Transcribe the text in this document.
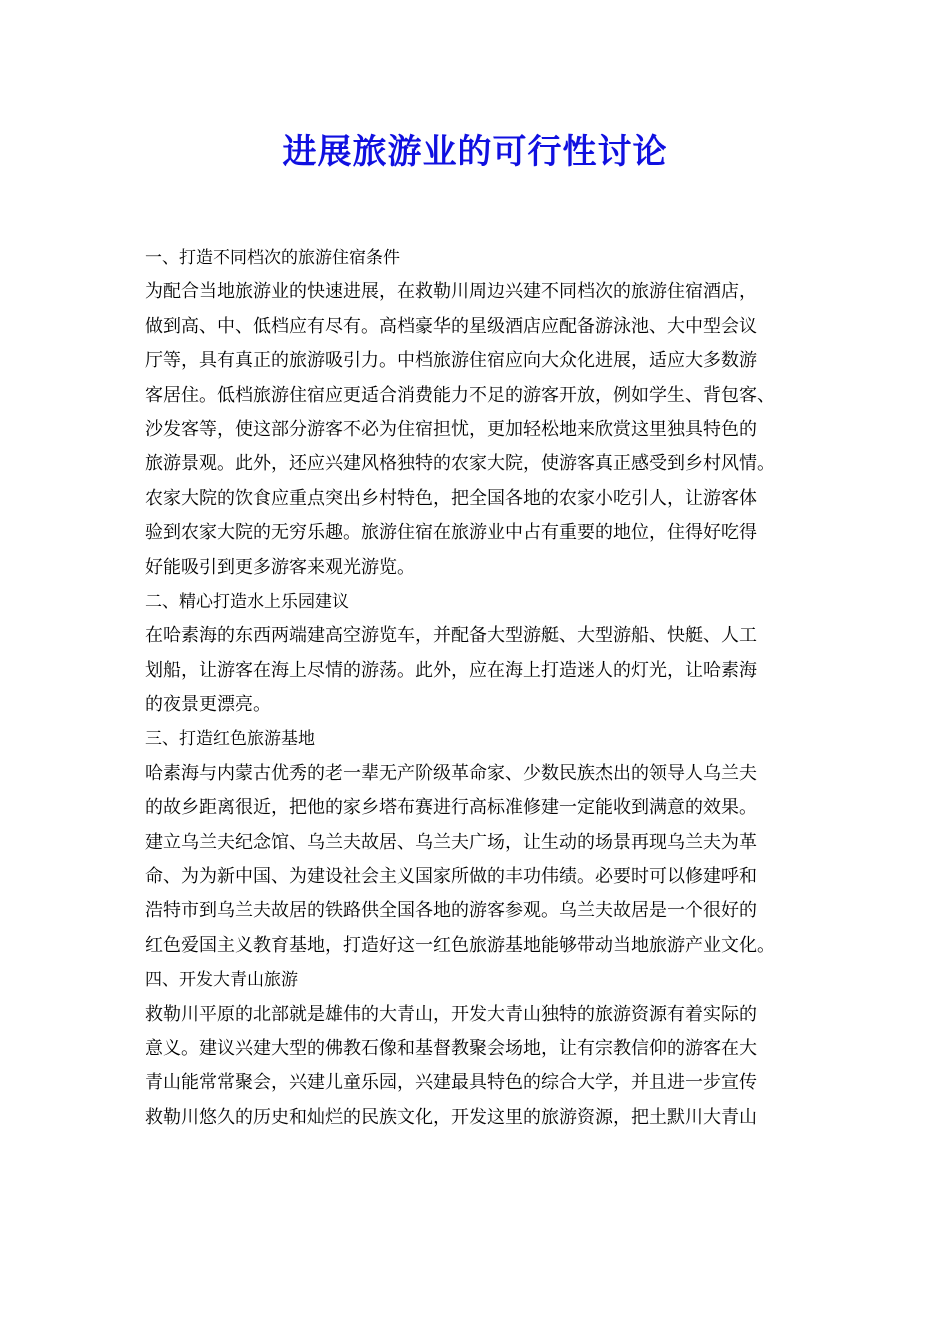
进展旅游业的可行性讨论
一、打造不同档次的旅游住宿条件
为配合当地旅游业的快速进展，在救勒川周边兴建不同档次的旅游住宿酒店，
做到高、中、低档应有尽有。高档豪华的星级酒店应配备游泳池、大中型会议
厅等，具有真正的旅游吸引力。中档旅游住宿应向大众化进展，适应大多数游
客居住。低档旅游住宿应更适合消费能力不足的游客开放，例如学生、背包客、
沙发客等，使这部分游客不必为住宿担忧，更加轻松地来欣赏这里独具特色的
旅游景观。此外，还应兴建风格独特的农家大院，使游客真正感受到乡村风情。
农家大院的饮食应重点突出乡村特色，把全国各地的农家小吃引人，让游客体
验到农家大院的无穷乐趣。旅游住宿在旅游业中占有重要的地位，住得好吃得
好能吸引到更多游客来观光游览。
二、精心打造水上乐园建议
在哈素海的东西两端建高空游览车，并配备大型游艇、大型游船、快艇、人工
划船，让游客在海上尽情的游荡。此外，应在海上打造迷人的灯光，让哈素海
的夜景更漂亮。
三、打造红色旅游基地
哈素海与内蒙古优秀的老一辈无产阶级革命家、少数民族杰出的领导人乌兰夫
的故乡距离很近，把他的家乡塔布赛进行高标准修建一定能收到满意的效果。
建立乌兰夫纪念馆、乌兰夫故居、乌兰夫广场，让生动的场景再现乌兰夫为革
命、为为新中国、为建设社会主义国家所做的丰功伟绩。必要时可以修建呼和
浩特市到乌兰夫故居的铁路供全国各地的游客参观。乌兰夫故居是一个很好的
红色爱国主义教育基地，打造好这一红色旅游基地能够带动当地旅游产业文化。
四、开发大青山旅游
救勒川平原的北部就是雄伟的大青山，开发大青山独特的旅游资源有着实际的
意义。建议兴建大型的佛教石像和基督教聚会场地，让有宗教信仰的游客在大
青山能常常聚会，兴建儿童乐园，兴建最具特色的综合大学，并且进一步宣传
救勒川悠久的历史和灿烂的民族文化，开发这里的旅游资源，把土默川大青山
